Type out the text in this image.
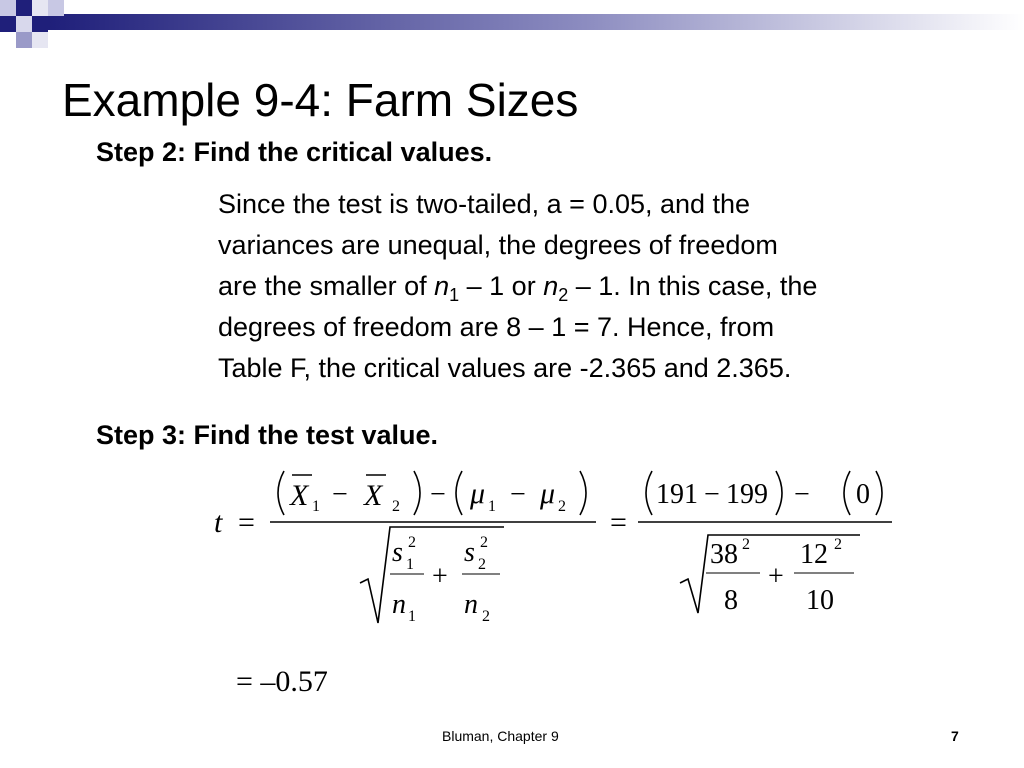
Example 9-4: Farm Sizes
Step 2: Find the critical values.
Since the test is two-tailed, a = 0.05, and the
variances are unequal, the degrees of freedom
are the smaller of $n_1 - 1$ or $n_2 - 1$. In this case, the
degrees of freedom are 8 – 1 = 7. Hence, from
Table F, the critical values are -2.365 and 2.365.
Step 3: Find the test value.
t =
X 1 − X 2 − μ 1 − μ 2
s 2
1
n 1
+
s 2
2
n 2
=
191 − 199 − 0
38 2
8
+
12 2
10
= –0.57
Bluman, Chapter 9	7
